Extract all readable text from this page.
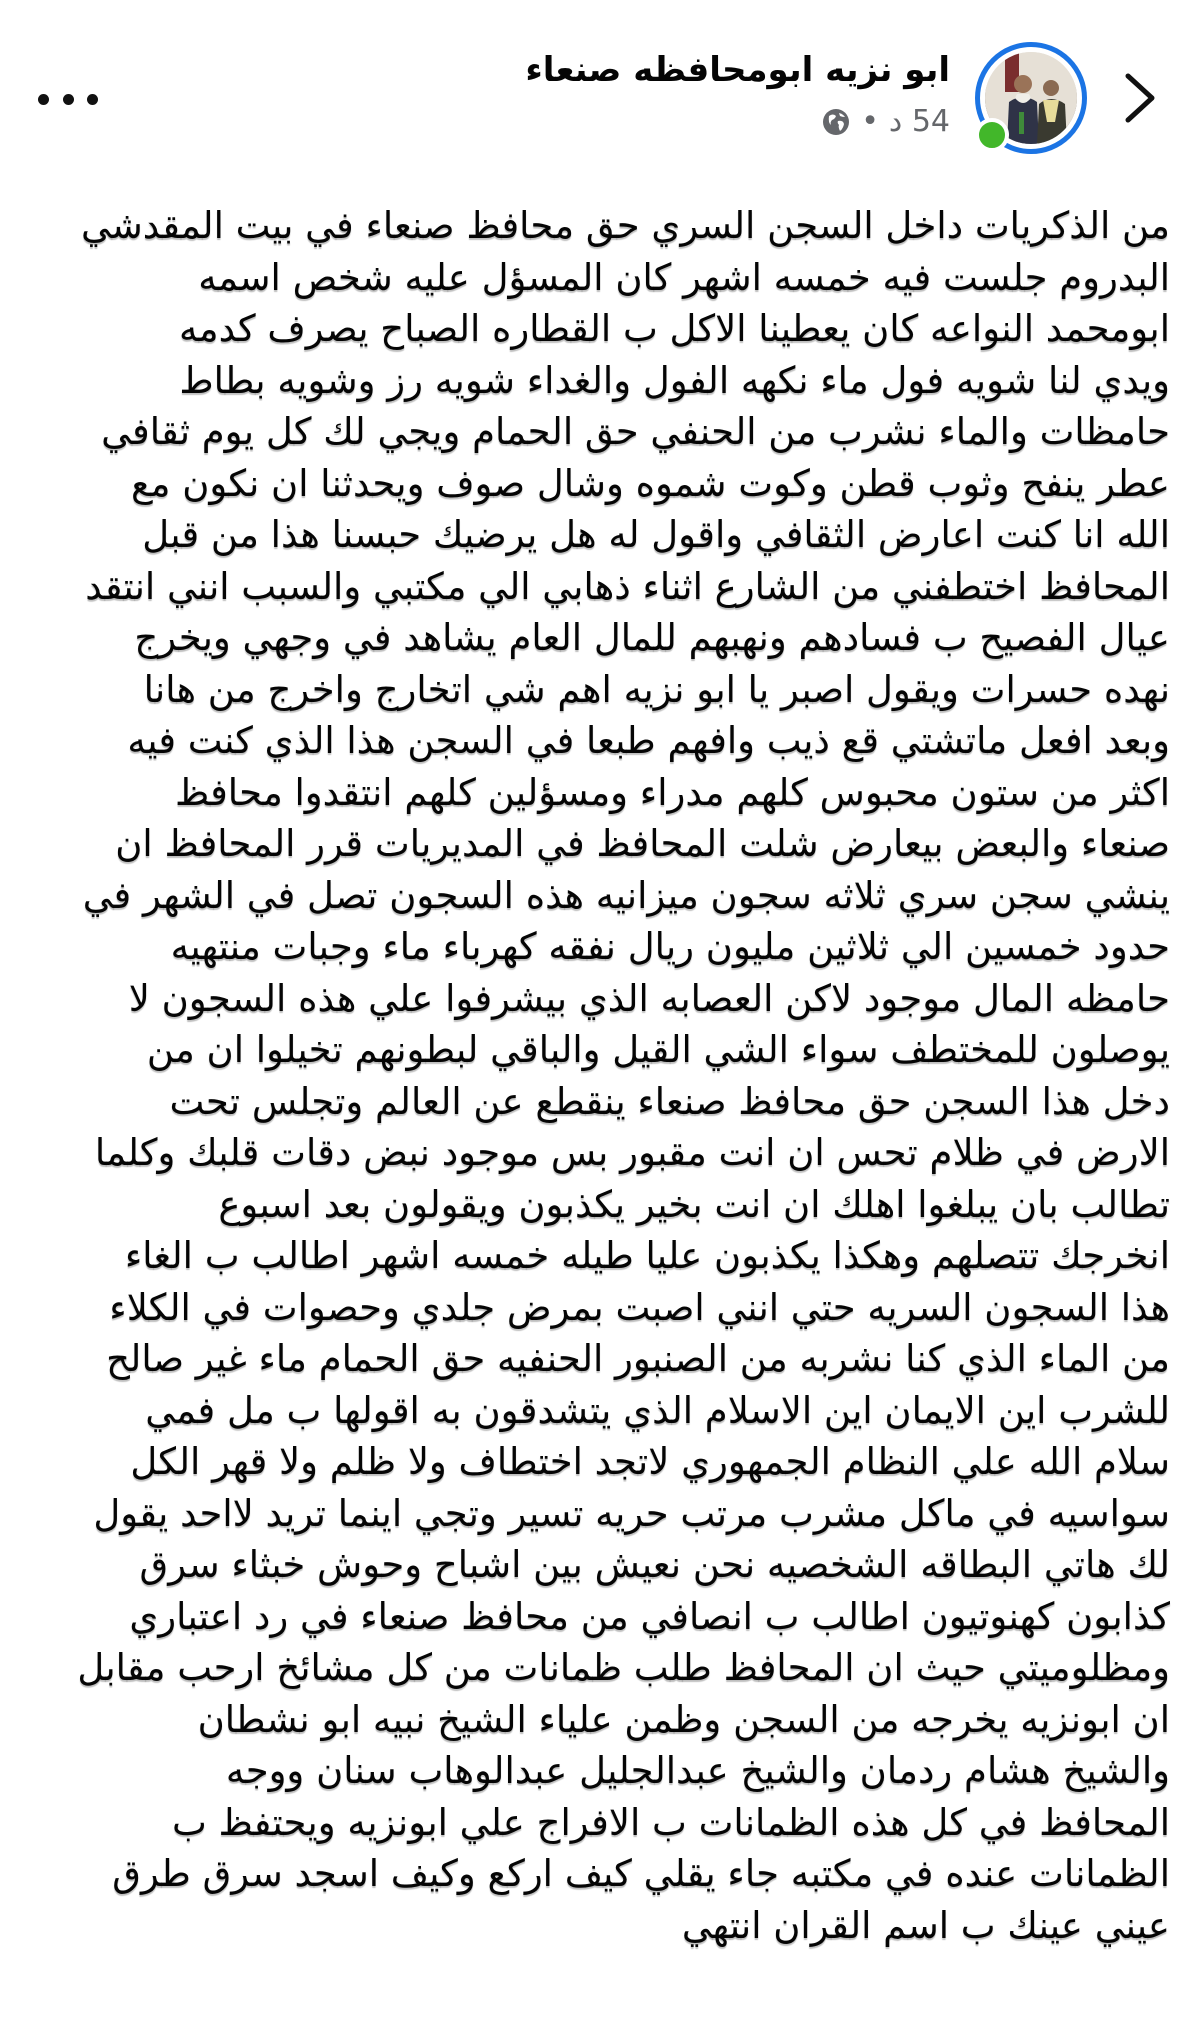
ابو نزيه ابومحافظه صنعاء
54 د
•
من الذكريات داخل السجن السري حق محافظ صنعاء في بيت المقدشي
البدروم جلست فيه خمسه اشهر كان المسؤل عليه شخص اسمه
ابومحمد النواعه كان يعطينا الاكل ب القطاره الصباح يصرف كدمه
ويدي لنا شويه فول ماء نكهه الفول والغداء شويه رز وشويه بطاط
حامظات والماء نشرب من الحنفي حق الحمام ويجي لك كل يوم ثقافي
عطر ينفح وثوب قطن وكوت شموه وشال صوف ويحدثنا ان نكون مع
الله انا كنت اعارض الثقافي واقول له هل يرضيك حبسنا هذا من قبل
المحافظ اختطفني من الشارع اثناء ذهابي الي مكتبي والسبب انني انتقد
عيال الفصيح ب فسادهم ونهبهم للمال العام يشاهد في وجهي ويخرج
نهده حسرات ويقول اصبر يا ابو نزيه اهم شي اتخارج واخرج من هانا
وبعد افعل ماتشتي قع ذيب وافهم طبعا في السجن هذا الذي كنت فيه
اكثر من ستون محبوس كلهم مدراء ومسؤلين كلهم انتقدوا محافظ
صنعاء والبعض بيعارض شلت المحافظ في المديريات قرر المحافظ ان
ينشي سجن سري ثلاثه سجون ميزانيه هذه السجون تصل في الشهر في
حدود خمسين الي ثلاثين مليون ريال نفقه كهرباء ماء وجبات منتهيه
حامظه المال موجود لاكن العصابه الذي بيشرفوا علي هذه السجون لا
يوصلون للمختطف سواء الشي القيل والباقي لبطونهم تخيلوا ان من
دخل هذا السجن حق محافظ صنعاء ينقطع عن العالم وتجلس تحت
الارض في ظلام تحس ان انت مقبور بس موجود نبض دقات قلبك وكلما
تطالب بان يبلغوا اهلك ان انت بخير يكذبون ويقولون بعد اسبوع
انخرجك تتصلهم وهكذا يكذبون عليا طيله خمسه اشهر اطالب ب الغاء
هذا السجون السريه حتي انني اصبت بمرض جلدي وحصوات في الكلاء
من الماء الذي كنا نشربه من الصنبور الحنفيه حق الحمام ماء غير صالح
للشرب اين الايمان اين الاسلام الذي يتشدقون به اقولها ب مل فمي
سلام الله علي النظام الجمهوري لاتجد اختطاف ولا ظلم ولا قهر الكل
سواسيه في ماكل مشرب مرتب حريه تسير وتجي اينما تريد لااحد يقول
لك هاتي البطاقه الشخصيه نحن نعيش بين اشباح وحوش خبثاء سرق
كذابون كهنوتيون اطالب ب انصافي من محافظ صنعاء في رد اعتباري
ومظلوميتي حيث ان المحافظ طلب ظمانات من كل مشائخ ارحب مقابل
ان ابونزيه يخرجه من السجن وظمن علياء الشيخ نبيه ابو نشطان
والشيخ هشام ردمان والشيخ عبدالجليل عبدالوهاب سنان ووجه
المحافظ في كل هذه الظمانات ب الافراج علي ابونزيه ويحتفظ ب
الظمانات عنده في مكتبه جاء يقلي كيف اركع وكيف اسجد سرق طرق
عيني عينك ب اسم القران انتهي
